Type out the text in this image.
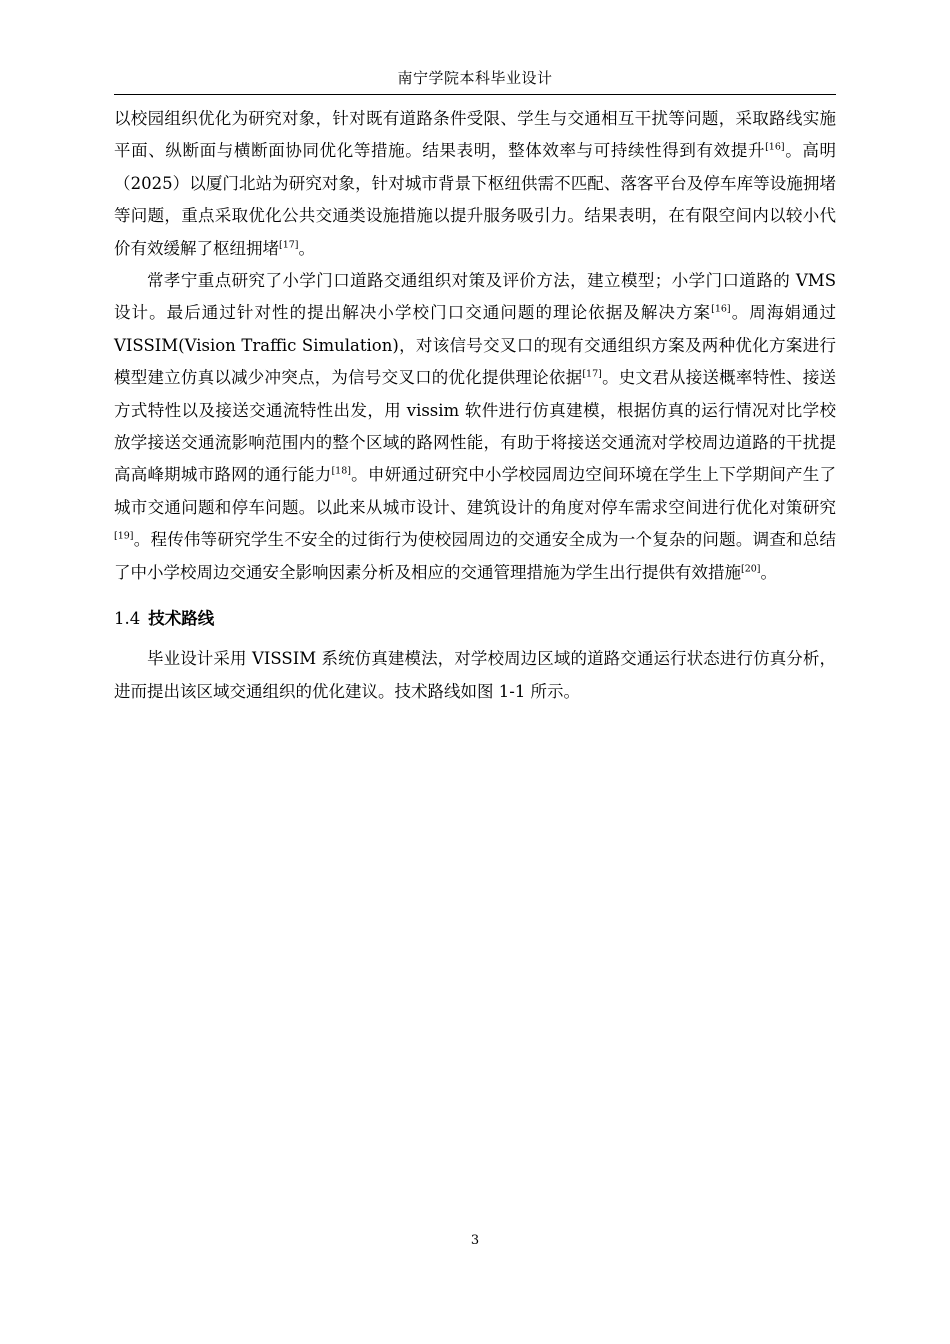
南宁学院本科毕业设计

以校园组织优化为研究对象，针对既有道路条件受限、学生与交通相互干扰等问题，采取路线实施平面、纵断面与横断面协同优化等措施。结果表明，整体效率与可持续性得到有效提升[16]。高明（2025）以厦门北站为研究对象，针对城市背景下枢纽供需不匹配、落客平台及停车库等设施拥堵等问题，重点采取优化公共交通类设施措施以提升服务吸引力。结果表明，在有限空间内以较小代价有效缓解了枢纽拥堵[17]。

常孝宁重点研究了小学门口道路交通组织对策及评价方法，建立模型；小学门口道路的 VMS 设计。最后通过针对性的提出解决小学校门口交通问题的理论依据及解决方案[16]。周海娟通过 VISSIM(Vision Traffic Simulation)，对该信号交叉口的现有交通组织方案及两种优化方案进行模型建立仿真以减少冲突点，为信号交叉口的优化提供理论依据[17]。史文君从接送概率特性、接送方式特性以及接送交通流特性出发，用 vissim 软件进行仿真建模，根据仿真的运行情况对比学校放学接送交通流影响范围内的整个区域的路网性能，有助于将接送交通流对学校周边道路的干扰提高高峰期城市路网的通行能力[18]。申妍通过研究中小学校园周边空间环境在学生上下学期间产生了城市交通问题和停车问题。以此来从城市设计、建筑设计的角度对停车需求空间进行优化对策研究[19]。程传伟等研究学生不安全的过街行为使校园周边的交通安全成为一个复杂的问题。调查和总结了中小学校周边交通安全影响因素分析及相应的交通管理措施为学生出行提供有效措施[20]。

1.4 技术路线

毕业设计采用 VISSIM 系统仿真建模法，对学校周边区域的道路交通运行状态进行仿真分析，进而提出该区域交通组织的优化建议。技术路线如图 1-1 所示。

3
